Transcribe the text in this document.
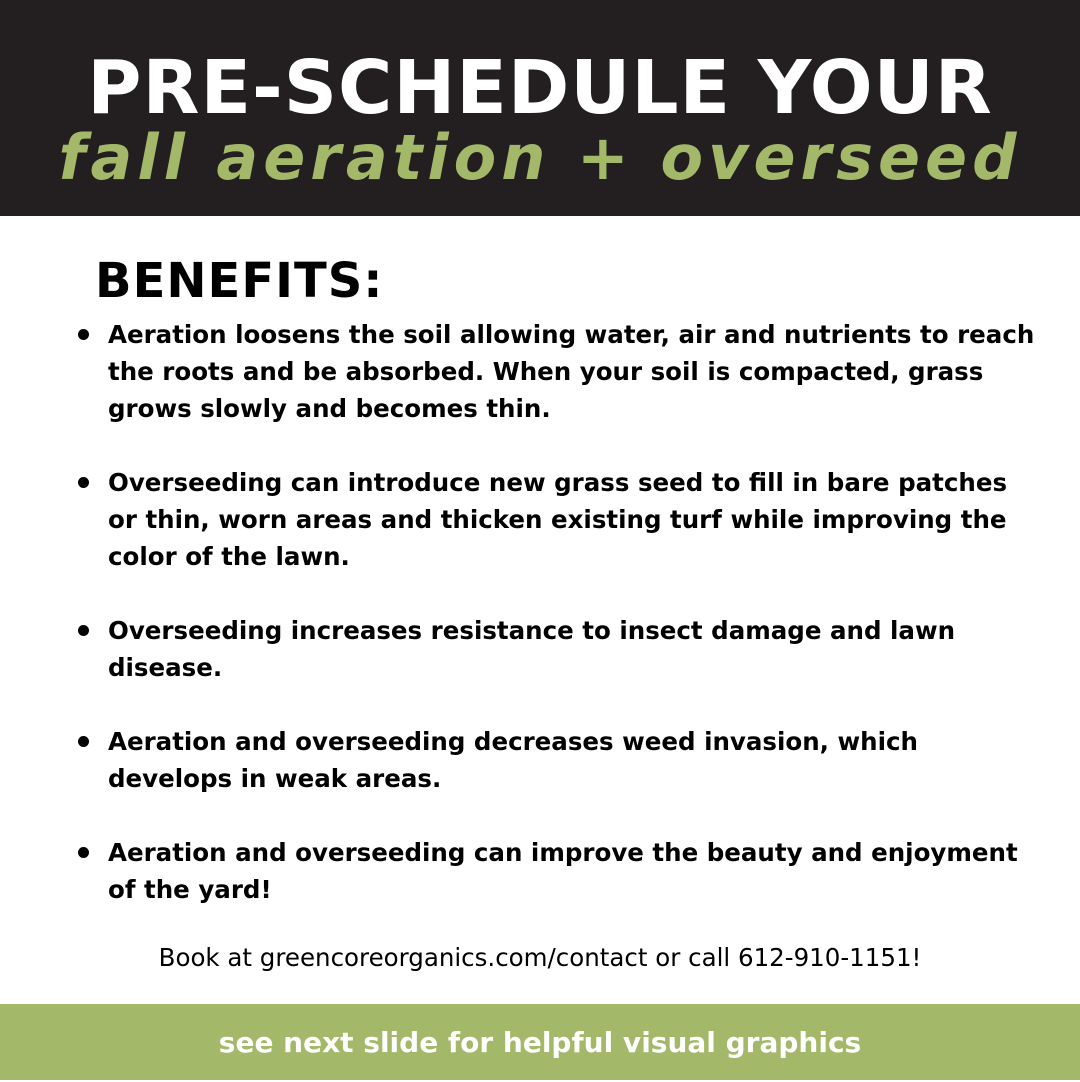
PRE-SCHEDULE YOUR
fall aeration + overseed
BENEFITS:
Aeration loosens the soil allowing water, air and nutrients to reach the roots and be absorbed. When your soil is compacted, grass grows slowly and becomes thin.
Overseeding can introduce new grass seed to fill in bare patches or thin, worn areas and thicken existing turf while improving the color of the lawn.
Overseeding increases resistance to insect damage and lawn disease.
Aeration and overseeding decreases weed invasion, which develops in weak areas.
Aeration and overseeding can improve the beauty and enjoyment of the yard!
Book at greencoreorganics.com/contact or call 612-910-1151!
see next slide for helpful visual graphics
